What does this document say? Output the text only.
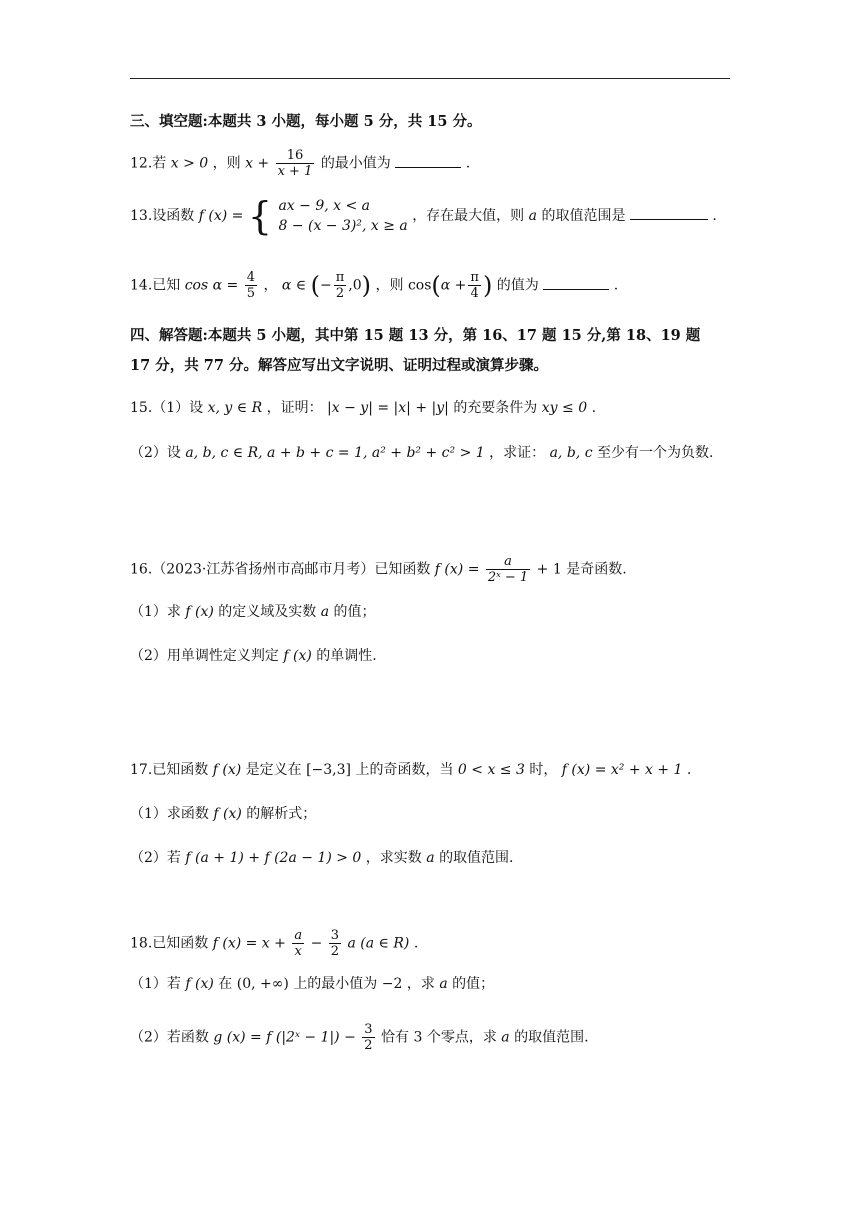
三、填空题:本题共 3 小题，每小题 5 分，共 15 分。
12.若 x > 0 ，则 $x + \frac{16}{x + 1}$ 的最小值为	.
13.设函数 f (x) = { ax − 9, x < a
8 − (x − 3)², x ≥ a
，存在最大值，则 a 的取值范围是	.
14.已知 $\cos \alpha = \frac{4}{5}$ ， α ∈ (− $\frac{\pi}{2} ,0$) ，则 $\cos(\alpha + \frac{\pi}{4}$ ) 的值为	.
四、解答题:本题共 5 小题，其中第 15 题 13 分，第 16、17 题 15 分,第 18、19 题
17 分，共 77 分。解答应写出文字说明、证明过程或演算步骤。
15.（1）设 x, y ∈ R ，证明： |x − y| = |x| + |y| 的充要条件为 xy ≤ 0 .
（2）设 a, b, c ∈ R, a + b + c = 1, a² + b² + c² > 1 ，求证： a, b, c 至少有一个为负数.
16.（2023·江苏省扬州市高邮市月考）已知函数 f $(x) = \frac{a}{\text{2ˣ − 1}} + 1$ 是奇函数.
（1）求 f (x) 的定义域及实数 a 的值；
（2）用单调性定义判定 f (x) 的单调性.
17.已知函数 f (x) 是定义在 [−3,3] 上的奇函数，当 0 < x ≤ 3 时， f (x) = x² + x + 1 .
（1）求函数 f (x) 的解析式；
（2）若 f (a + 1) + f (2a − 1) > 0 ，求实数 a 的取值范围.
18.已知函数 f $(x) = x + \frac{a}{x} - \frac{3}{2}$ a (a ∈ R) .
（1）若 f (x) 在 (0, +∞) 上的最小值为 −2 ，求 a 的值；
（2）若函数 g (x) = f (|2ˣ − $1|) - \frac{3}{2}$ 恰有 3 个零点，求 a 的取值范围.
